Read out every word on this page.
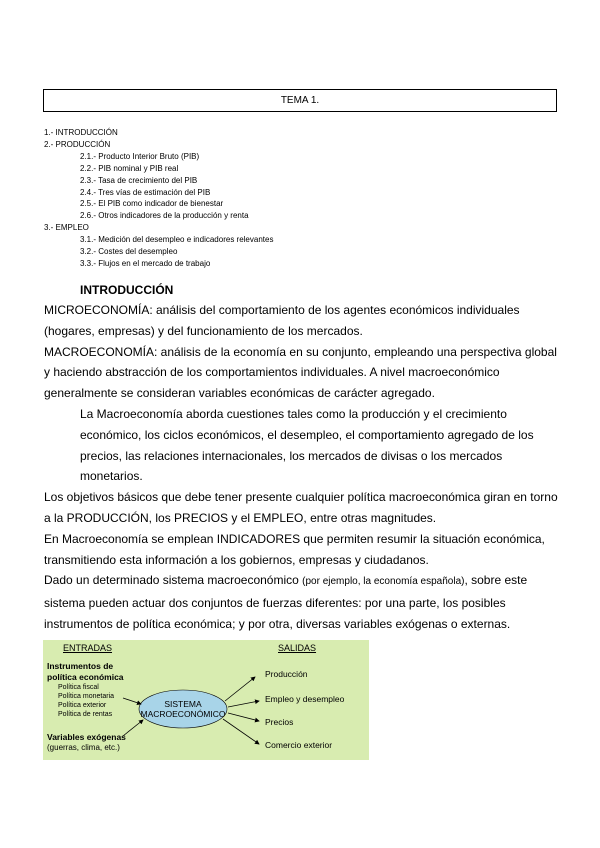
TEMA 1.
1.- INTRODUCCIÓN
2.- PRODUCCIÓN
2.1.- Producto Interior Bruto (PIB)
2.2.- PIB nominal y PIB real
2.3.- Tasa de crecimiento del PIB
2.4.- Tres vías de estimación del PIB
2.5.- El PIB como indicador de bienestar
2.6.- Otros indicadores de la producción y renta
3.- EMPLEO
3.1.- Medición del desempleo e indicadores relevantes
3.2.- Costes del desempleo
3.3.- Flujos en el mercado de trabajo
INTRODUCCIÓN

MICROECONOMÍA: análisis del comportamiento de los agentes económicos individuales (hogares, empresas) y del funcionamiento de los mercados.

MACROECONOMÍA: análisis de la economía en su conjunto, empleando una perspectiva global y haciendo abstracción de los comportamientos individuales. A nivel macroeconómico generalmente se consideran variables económicas de carácter agregado.

La Macroeconomía aborda cuestiones tales como la producción y el crecimiento económico, los ciclos económicos, el desempleo, el comportamiento agregado de los precios, las relaciones internacionales, los mercados de divisas o los mercados monetarios.

Los objetivos básicos que debe tener presente cualquier política macroeconómica giran en torno a la PRODUCCIÓN, los PRECIOS y el EMPLEO, entre otras magnitudes.

En Macroeconomía se emplean INDICADORES que permiten resumir la situación económica, transmitiendo esta información a los gobiernos, empresas y ciudadanos.

Dado un determinado sistema macroeconómico (por ejemplo, la economía española), sobre este sistema pueden actuar dos conjuntos de fuerzas diferentes: por una parte, los posibles instrumentos de política económica; y por otra, diversas variables exógenas o externas.

ENTRADAS	SALIDAS
Instrumentos de
política económica
Política fiscal
Política monetaria
Política exterior
Política de rentas
Variables exógenas
(guerras, clima, etc.)
SISTEMA
MACROECONÓMICO
Producción
Empleo y desempleo
Precios
Comercio exterior
